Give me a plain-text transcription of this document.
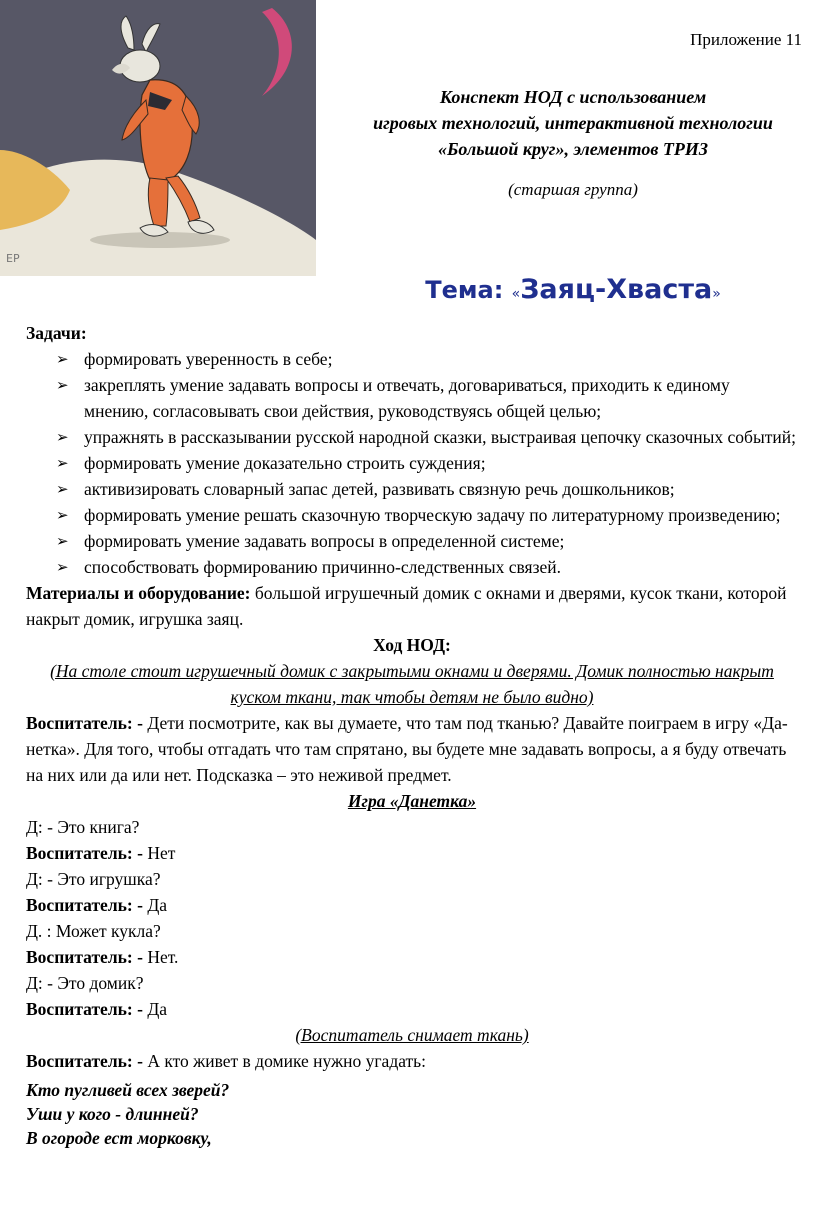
ЕР
Приложение 11
Конспект НОД с использованием
игровых технологий, интерактивной технологии
«Большой круг», элементов ТРИЗ
(старшая группа)
Тема: «Заяц-Хваста»

Задачи:

➢ формировать уверенность в себе;
➢ закреплять умение задавать вопросы и отвечать, договариваться, приходить к единому мнению, согласовывать свои действия, руководствуясь общей целью;
➢ упражнять в рассказывании русской народной сказки, выстраивая цепочку сказочных событий;
➢ формировать умение доказательно строить суждения;
➢ активизировать словарный запас детей, развивать связную речь дошкольников;
➢ формировать умение решать сказочную творческую задачу по литературному произведению;
➢ формировать умение задавать вопросы в определенной системе;
➢ способствовать формированию причинно-следственных связей.

Материалы и оборудование: большой игрушечный домик с окнами и дверями, кусок ткани, которой накрыт домик, игрушка заяц.

Ход НОД:

(На столе стоит игрушечный домик с закрытыми окнами и дверями. Домик полностью накрыт куском ткани, так чтобы детям не было видно)

Воспитатель: - Дети посмотрите, как вы думаете, что там под тканью? Давайте поиграем в игру «Да-нетка». Для того, чтобы отгадать что там спрятано, вы будете мне задавать вопросы, а я буду отвечать на них или да или нет. Подсказка – это неживой предмет.

Игра «Данетка»

Д: - Это книга?

Воспитатель: - Нет

Д: - Это игрушка?

Воспитатель: - Да

Д. : Может кукла?

Воспитатель: - Нет.

Д: - Это домик?

Воспитатель: - Да

(Воспитатель снимает ткань)

Воспитатель: - А кто живет в домике нужно угадать:

Кто пугливей всех зверей?

Уши у кого - длинней?

В огороде ест морковку,
